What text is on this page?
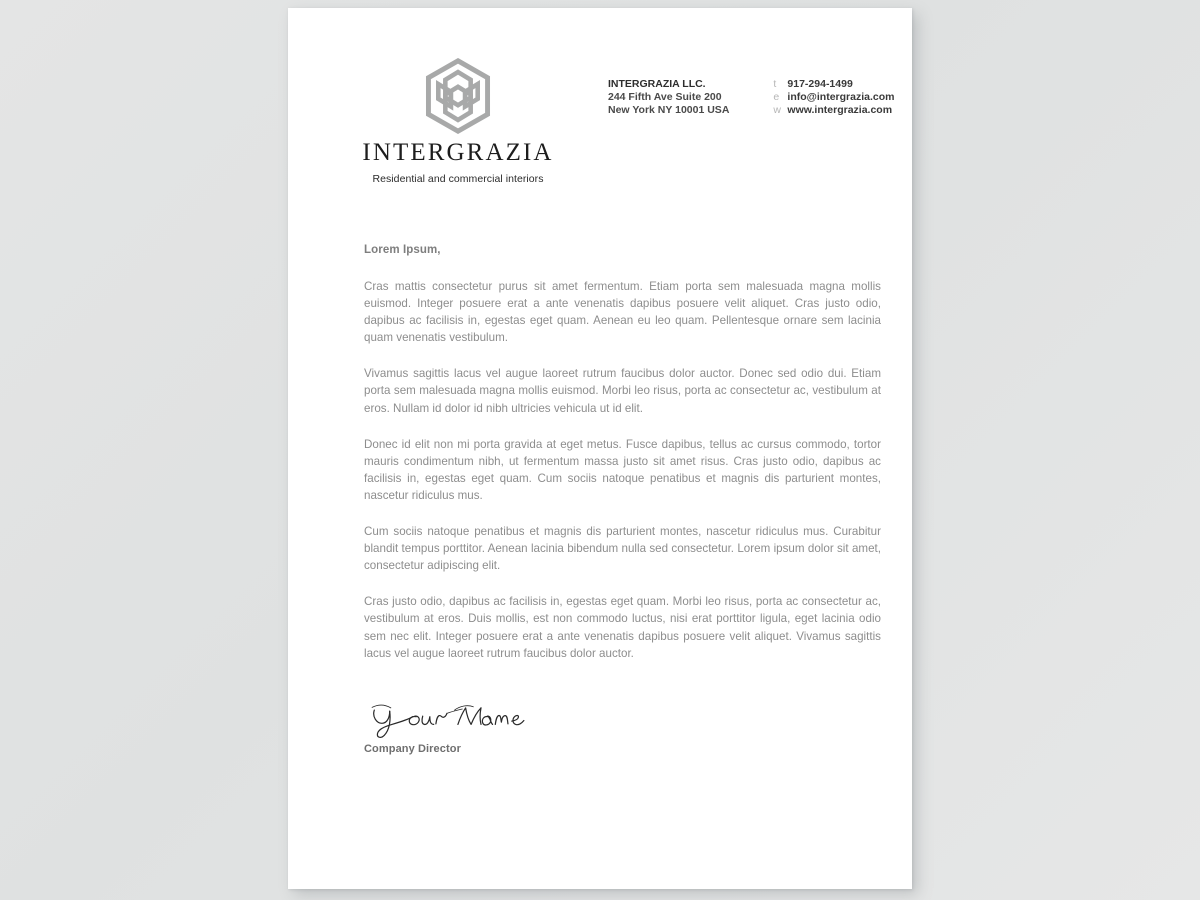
INTERGRAZIA
Residential and commercial interiors
INTERGRAZIA LLC.
244 Fifth Ave Suite 200
New York NY 10001 USA
t	917-294-1499
e info@intergrazia.com
w www.intergrazia.com

Lorem Ipsum,

Cras mattis consectetur purus sit amet fermentum. Etiam porta sem malesuada magna mollis euismod. Integer posuere erat a ante venenatis dapibus posuere velit aliquet. Cras justo odio, dapibus ac facilisis in, egestas eget quam. Aenean eu leo quam. Pellentesque ornare sem lacinia quam venenatis vestibulum.

Vivamus sagittis lacus vel augue laoreet rutrum faucibus dolor auctor. Donec sed odio dui. Etiam porta sem malesuada magna mollis euismod. Morbi leo risus, porta ac consectetur ac, vestibulum at eros. Nullam id dolor id nibh ultricies vehicula ut id elit.

Donec id elit non mi porta gravida at eget metus. Fusce dapibus, tellus ac cursus commodo, tortor mauris condimentum nibh, ut fermentum massa justo sit amet risus. Cras justo odio, dapibus ac facilisis in, egestas eget quam. Cum sociis natoque penatibus et magnis dis parturient montes, nascetur ridiculus mus.

Cum sociis natoque penatibus et magnis dis parturient montes, nascetur ridiculus mus. Curabitur blandit tempus porttitor. Aenean lacinia bibendum nulla sed consectetur. Lorem ipsum dolor sit amet, consectetur adipiscing elit.

Cras justo odio, dapibus ac facilisis in, egestas eget quam. Morbi leo risus, porta ac consectetur ac, vestibulum at eros. Duis mollis, est non commodo luctus, nisi erat porttitor ligula, eget lacinia odio sem nec elit. Integer posuere erat a ante venenatis dapibus posuere velit aliquet. Vivamus sagittis lacus vel augue laoreet rutrum faucibus dolor auctor.

Company Director
